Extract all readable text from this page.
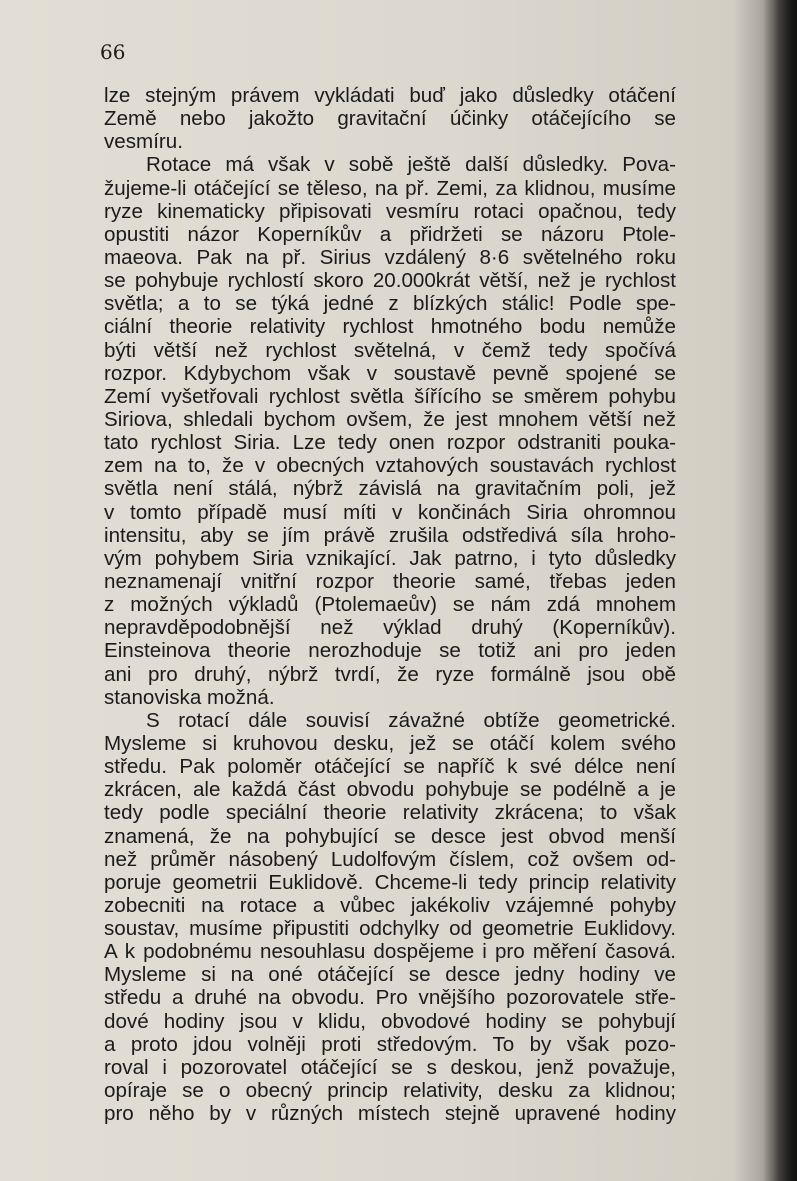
66

lze stejným právem vykládati buď jako důsledky otáčení

Země nebo jakožto gravitační účinky otáčejícího se

vesmíru.

Rotace má však v sobě ještě další důsledky. Pova-

žujeme-li otáčející se těleso, na př. Zemi, za klidnou, musíme

ryze kinematicky připisovati vesmíru rotaci opačnou, tedy

opustiti názor Koperníkův a přidržeti se názoru Ptole-

maeova. Pak na př. Sirius vzdálený 8·6 světelného roku

se pohybuje rychlostí skoro 20.000krát větší, než je rychlost

světla; a to se týká jedné z blízkých stálic! Podle spe-

ciální theorie relativity rychlost hmotného bodu nemůže

býti větší než rychlost světelná, v čemž tedy spočívá

rozpor. Kdybychom však v soustavě pevně spojené se

Zemí vyšetřovali rychlost světla šířícího se směrem pohybu

Siriova, shledali bychom ovšem, že jest mnohem větší než

tato rychlost Siria. Lze tedy onen rozpor odstraniti pouka-

zem na to, že v obecných vztahových soustavách rychlost

světla není stálá, nýbrž závislá na gravitačním poli, jež

v tomto případě musí míti v končinách Siria ohromnou

intensitu, aby se jím právě zrušila odstředivá síla hroho-

vým pohybem Siria vznikající. Jak patrno, i tyto důsledky

neznamenají vnitřní rozpor theorie samé, třebas jeden

z možných výkladů (Ptolemaeův) se nám zdá mnohem

nepravděpodobnější než výklad druhý (Koperníkův).

Einsteinova theorie nerozhoduje se totiž ani pro jeden

ani pro druhý, nýbrž tvrdí, že ryze formálně jsou obě

stanoviska možná.

S rotací dále souvisí závažné obtíže geometrické.

Mysleme si kruhovou desku, jež se otáčí kolem svého

středu. Pak poloměr otáčející se napříč k své délce není

zkrácen, ale každá část obvodu pohybuje se podélně a je

tedy podle speciální theorie relativity zkrácena; to však

znamená, že na pohybující se desce jest obvod menší

než průměr násobený Ludolfovým číslem, což ovšem od-

poruje geometrii Euklidově. Chceme-li tedy princip relativity

zobecniti na rotace a vůbec jakékoliv vzájemné pohyby

soustav, musíme připustiti odchylky od geometrie Euklidovy.

A k podobnému nesouhlasu dospějeme i pro měření časová.

Mysleme si na oné otáčející se desce jedny hodiny ve

středu a druhé na obvodu. Pro vnějšího pozorovatele stře-

dové hodiny jsou v klidu, obvodové hodiny se pohybují

a proto jdou volněji proti středovým. To by však pozo-

roval i pozorovatel otáčející se s deskou, jenž považuje,

opíraje se o obecný princip relativity, desku za klidnou;

pro něho by v různých místech stejně upravené hodiny
